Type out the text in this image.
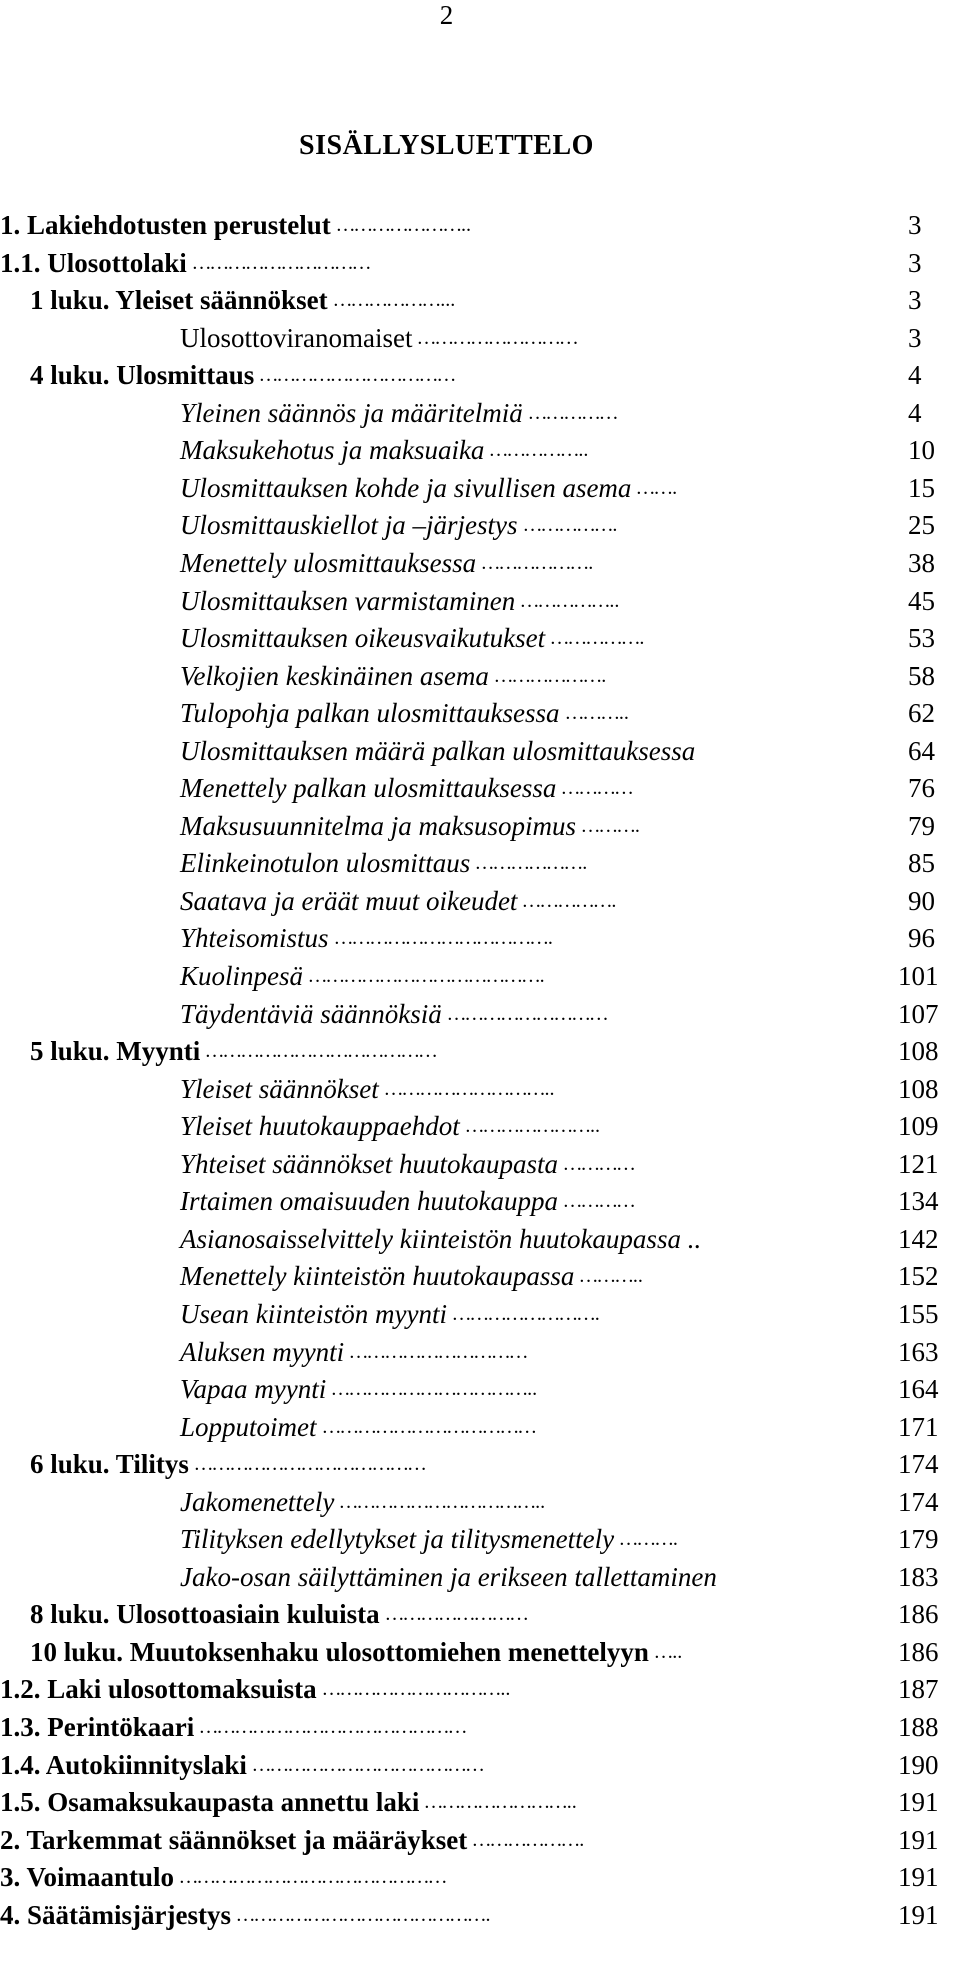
2
SISÄLLYSLUETTELO
1. Lakiehdotusten perustelut …………………..	3
1.1. Ulosottolaki …………………………	3
1 luku. Yleiset säännökset ………………...	3
Ulosottoviranomaiset ………………………	3
4 luku. Ulosmittaus ……………………………	4
Yleinen säännös ja määritelmiä ……………	4
Maksukehotus ja maksuaika ……………..	10
Ulosmittauksen kohde ja sivullisen asema …….	15
Ulosmittauskiellot ja –järjestys …………….	25
Menettely ulosmittauksessa ……………….	38
Ulosmittauksen varmistaminen ……………..	45
Ulosmittauksen oikeusvaikutukset …………….	53
Velkojien keskinäinen asema ……………….	58
Tulopohja palkan ulosmittauksessa ………..	62
Ulosmittauksen määrä palkan ulosmittauksessa	64
Menettely palkan ulosmittauksessa …………	76
Maksusuunnitelma ja maksusopimus ……….	79
Elinkeinotulon ulosmittaus ……………….	85
Saatava ja eräät muut oikeudet …………….	90
Yhteisomistus ……………………………….	96
Kuolinpesä ………………………………….	101
Täydentäviä säännöksiä ………………………	107
5 luku. Myynti …………………………………	108
Yleiset säännökset ………………………..	108
Yleiset huutokauppaehdot …………………..	109
Yhteiset säännökset huutokaupasta …………	121
Irtaimen omaisuuden huutokauppa …………	134
Asianosaisselvittely kiinteistön huutokaupassa ..	142
Menettely kiinteistön huutokaupassa ………..	152
Usean kiinteistön myynti …………………….	155
Aluksen myynti …………………………	163
Vapaa myynti ……………………………..	164
Lopputoimet ………………………………	171
6 luku. Tilitys …………………………………	174
Jakomenettely ……………………………..	174
Tilityksen edellytykset ja tilitysmenettely ……….	179
Jako-osan säilyttäminen ja erikseen tallettaminen	183
8 luku. Ulosottoasiain kuluista ……………………	186
10 luku. Muutoksenhaku ulosottomiehen menettelyyn …..	186
1.2. Laki ulosottomaksuista …………………………..	187
1.3. Perintökaari ………………………………………	188
1.4. Autokiinnityslaki …………………………………	190
1.5. Osamaksukaupasta annettu laki ……………………..	191
2. Tarkemmat säännökset ja määräykset ……………….	191
3. Voimaantulo ………………………………………	191
4. Säätämisjärjestys …………………………………….	191
